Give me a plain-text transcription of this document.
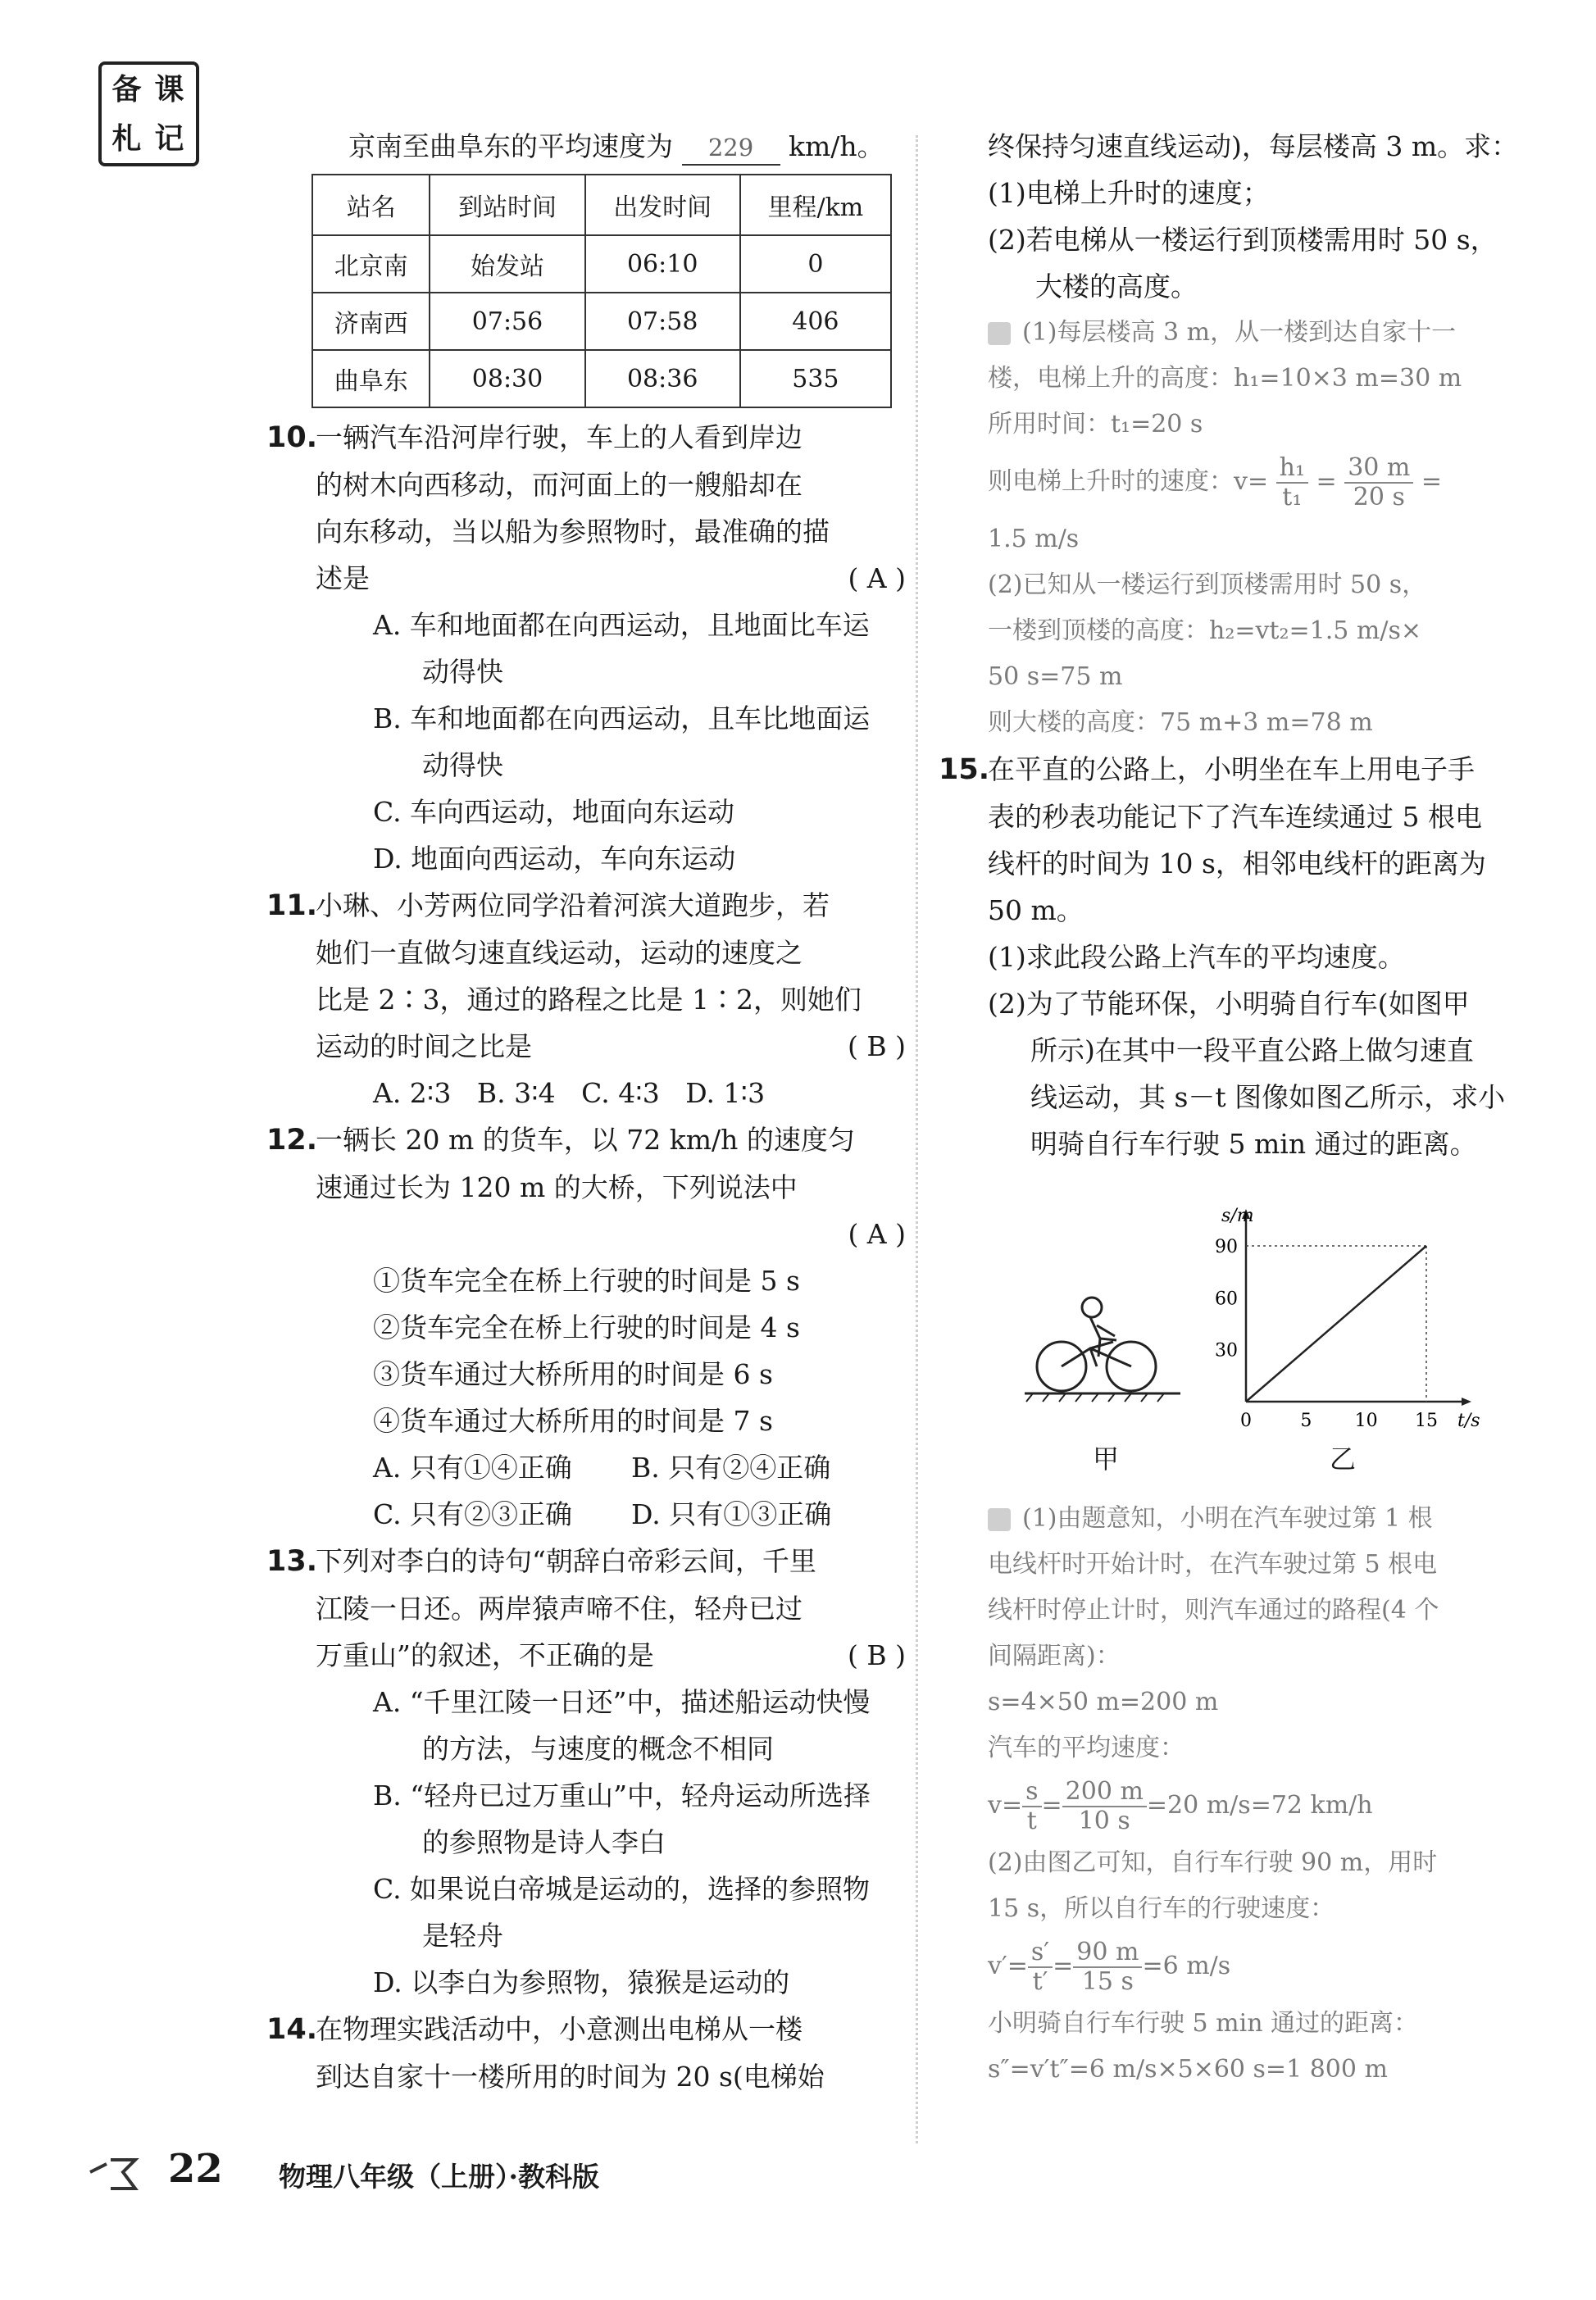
备 课
札 记	京南至曲阜东的平均速度为 229 km/h。
站名	到站时间	出发时间	里程/km
北京南	始发站	06:10	0
济南西	07:56	07:58	406
曲阜东	08:30	08:36	535
10.一辆汽车沿河岸行驶，车上的人看到岸边
的树木向西移动，而河面上的一艘船却在
向东移动，当以船为参照物时，最准确的描
述是	( A )
A. 车和地面都在向西运动，且地面比车运
动得快
B. 车和地面都在向西运动，且车比地面运
动得快
C. 车向西运动，地面向东运动
D. 地面向西运动，车向东运动
11.小琳、小芳两位同学沿着河滨大道跑步，若
她们一直做匀速直线运动，运动的速度之
比是 2∶3，通过的路程之比是 1∶2，则她们
运动的时间之比是	( B )
A. 2∶3   B. 3∶4   C. 4∶3   D. 1∶3
12.一辆长 20 m 的货车，以 72 km/h 的速度匀
速通过长为 120 m 的大桥，下列说法中
( A )
①货车完全在桥上行驶的时间是 5 s
②货车完全在桥上行驶的时间是 4 s
③货车通过大桥所用的时间是 6 s
④货车通过大桥所用的时间是 7 s
A. 只有①④正确 B. 只有②④正确
C. 只有②③正确 D. 只有①③正确
13.下列对李白的诗句“朝辞白帝彩云间，千里
江陵一日还。两岸猿声啼不住，轻舟已过
万重山”的叙述，不正确的是	( B )
A. “千里江陵一日还”中，描述船运动快慢
的方法，与速度的概念不相同
B. “轻舟已过万重山”中，轻舟运动所选择
的参照物是诗人李白
C. 如果说白帝城是运动的，选择的参照物
是轻舟
D. 以李白为参照物，猿猴是运动的
14.在物理实践活动中，小意测出电梯从一楼
到达自家十一楼所用的时间为 20 s(电梯始
终保持匀速直线运动)，每层楼高 3 m。求：
(1)电梯上升时的速度；
(2)若电梯从一楼运行到顶楼需用时 50 s，
大楼的高度。
(1)每层楼高 3 m，从一楼到达自家十一
楼，电梯上升的高度：h₁=10×3 m=30 m
所用时间：t₁=20 s
则电梯上升时的速度：$v= \frac{\text{h₁}}{\text{t₁}} = \frac{30 m}{20 s}$ =
1.5 m/s
(2)已知从一楼运行到顶楼需用时 50 s，
一楼到顶楼的高度：h₂=vt₂=1.5 m/s×
50 s=75 m
则大楼的高度：75 m+3 m=78 m
15.在平直的公路上，小明坐在车上用电子手
表的秒表功能记下了汽车连续通过 5 根电
线杆的时间为 10 s，相邻电线杆的距离为
50 m。
(1)求此段公路上汽车的平均速度。
(2)为了节能环保，小明骑自行车(如图甲
所示)在其中一段平直公路上做匀速直
线运动，其 s－t 图像如图乙所示，求小
明骑自行车行驶 5 min 通过的距离。
甲
s/m
t/s
0	5 10 15
30
60
90
乙
(1)由题意知，小明在汽车驶过第 1 根
电线杆时开始计时，在汽车驶过第 5 根电
线杆时停止计时，则汽车通过的路程(4 个
间隔距离)：
s=4×50 m=200 m
汽车的平均速度：
$v= \frac{s}{t} = \frac{200 m}{10 s} =20$ m/s=72 km/h
(2)由图乙可知，自行车行驶 90 m，用时
15 s，所以自行车的行驶速度：
$v'= \frac{s'}{t'} = \frac{90 m}{15 s} =6$ m/s
小明骑自行车行驶 5 min 通过的距离：
s″=v′t″=6 m/s×5×60 s=1 800 m
22 物理八年级（上册）·教科版
